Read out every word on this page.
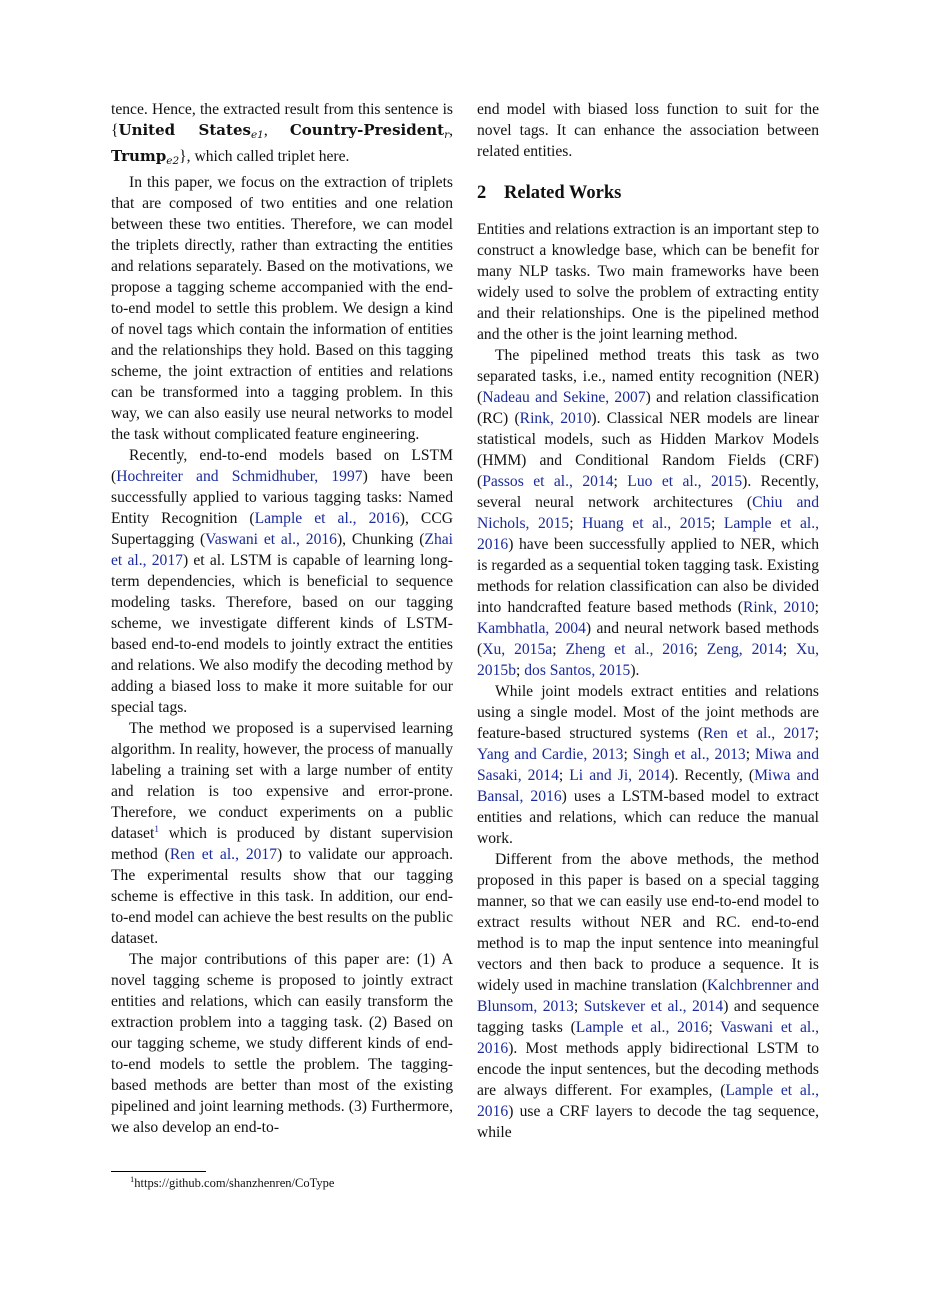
tence. Hence, the extracted result from this sentence is {United States$_{e1}$, Country-President$_r$, Trump$_{e2}$}, which called triplet here.

In this paper, we focus on the extraction of triplets that are composed of two entities and one relation between these two entities. Therefore, we can model the triplets directly, rather than extracting the entities and relations separately. Based on the motivations, we propose a tagging scheme accompanied with the end-to-end model to settle this problem. We design a kind of novel tags which contain the information of entities and the relationships they hold. Based on this tagging scheme, the joint extraction of entities and relations can be transformed into a tagging problem. In this way, we can also easily use neural networks to model the task without complicated feature engineering.

Recently, end-to-end models based on LSTM (Hochreiter and Schmidhuber, 1997) have been successfully applied to various tagging tasks: Named Entity Recognition (Lample et al., 2016), CCG Supertagging (Vaswani et al., 2016), Chunking (Zhai et al., 2017) et al. LSTM is capable of learning long-term dependencies, which is beneficial to sequence modeling tasks. Therefore, based on our tagging scheme, we investigate different kinds of LSTM-based end-to-end models to jointly extract the entities and relations. We also modify the decoding method by adding a biased loss to make it more suitable for our special tags.

The method we proposed is a supervised learning algorithm. In reality, however, the process of manually labeling a training set with a large number of entity and relation is too expensive and error-prone. Therefore, we conduct experiments on a public dataset$^1$ which is produced by distant supervision method (Ren et al., 2017) to validate our approach. The experimental results show that our tagging scheme is effective in this task. In addition, our end-to-end model can achieve the best results on the public dataset.

The major contributions of this paper are: (1) A novel tagging scheme is proposed to jointly extract entities and relations, which can easily transform the extraction problem into a tagging task. (2) Based on our tagging scheme, we study different kinds of end-to-end models to settle the problem. The tagging-based methods are better than most of the existing pipelined and joint learning methods. (3) Furthermore, we also develop an end-to-

$^1$https://github.com/shanzhenren/CoType

end model with biased loss function to suit for the novel tags. It can enhance the association between related entities.

2 Related Works

Entities and relations extraction is an important step to construct a knowledge base, which can be benefit for many NLP tasks. Two main frameworks have been widely used to solve the problem of extracting entity and their relationships. One is the pipelined method and the other is the joint learning method.

The pipelined method treats this task as two separated tasks, i.e., named entity recognition (NER) (Nadeau and Sekine, 2007) and relation classification (RC) (Rink, 2010). Classical NER models are linear statistical models, such as Hidden Markov Models (HMM) and Conditional Random Fields (CRF) (Passos et al., 2014; Luo et al., 2015). Recently, several neural network architectures (Chiu and Nichols, 2015; Huang et al., 2015; Lample et al., 2016) have been successfully applied to NER, which is regarded as a sequential token tagging task. Existing methods for relation classification can also be divided into handcrafted feature based methods (Rink, 2010; Kambhatla, 2004) and neural network based methods (Xu, 2015a; Zheng et al., 2016; Zeng, 2014; Xu, 2015b; dos Santos, 2015).

While joint models extract entities and relations using a single model. Most of the joint methods are feature-based structured systems (Ren et al., 2017; Yang and Cardie, 2013; Singh et al., 2013; Miwa and Sasaki, 2014; Li and Ji, 2014). Recently, (Miwa and Bansal, 2016) uses a LSTM-based model to extract entities and relations, which can reduce the manual work.

Different from the above methods, the method proposed in this paper is based on a special tagging manner, so that we can easily use end-to-end model to extract results without NER and RC. end-to-end method is to map the input sentence into meaningful vectors and then back to produce a sequence. It is widely used in machine translation (Kalchbrenner and Blunsom, 2013; Sutskever et al., 2014) and sequence tagging tasks (Lample et al., 2016; Vaswani et al., 2016). Most methods apply bidirectional LSTM to encode the input sentences, but the decoding methods are always different. For examples, (Lample et al., 2016) use a CRF layers to decode the tag sequence, while
